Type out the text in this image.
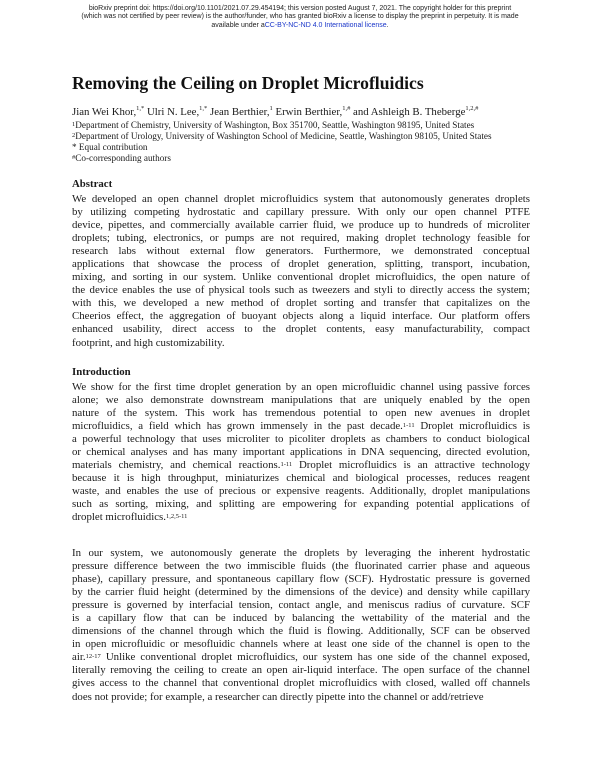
bioRxiv preprint doi: https://doi.org/10.1101/2021.07.29.454194; this version posted August 7, 2021. The copyright holder for this preprint
(which was not certified by peer review) is the author/funder, who has granted bioRxiv a license to display the preprint in perpetuity. It is made
available under aCC-BY-NC-ND 4.0 International license.
Removing the Ceiling on Droplet Microfluidics
Jian Wei Khor,$^{1,*}$ Ulri N. Lee,$^{1,*}$ Jean Berthier,$^1$ Erwin Berthier,$^{1,\#}$ and Ashleigh B. Theberge$^{1,2,\#}$
$^1$Department of Chemistry, University of Washington, Box 351700, Seattle, Washington 98195, United States
$^2$Department of Urology, University of Washington School of Medicine, Seattle, Washington 98105, United States
* Equal contribution
#Co-corresponding authors
Abstract
We developed an open channel droplet microfluidics system that autonomously generates droplets
by utilizing competing hydrostatic and capillary pressure. With only our open channel PTFE
device, pipettes, and commercially available carrier fluid, we produce up to hundreds of microliter
droplets; tubing, electronics, or pumps are not required, making droplet technology feasible for
research labs without external flow generators. Furthermore, we demonstrated conceptual
applications that showcase the process of droplet generation, splitting, transport, incubation,
mixing, and sorting in our system. Unlike conventional droplet microfluidics, the open nature of
the device enables the use of physical tools such as tweezers and styli to directly access the system;
with this, we developed a new method of droplet sorting and transfer that capitalizes on the
Cheerios effect, the aggregation of buoyant objects along a liquid interface. Our platform offers
enhanced usability, direct access to the droplet contents, easy manufacturability, compact
footprint, and high customizability.
Introduction
We show for the first time droplet generation by an open microfluidic channel using passive forces
alone; we also demonstrate downstream manipulations that are uniquely enabled by the open
nature of the system. This work has tremendous potential to open new avenues in droplet
microfluidics, a field which has grown immensely in the past decade.$^{1-11}$ Droplet microfluidics is
a powerful technology that uses microliter to picoliter droplets as chambers to conduct biological
or chemical analyses and has many important applications in DNA sequencing, directed evolution,
materials chemistry, and chemical reactions.$^{1-11}$ Droplet microfluidics is an attractive technology
because it is high throughput, miniaturizes chemical and biological processes, reduces reagent
waste, and enables the use of precious or expensive reagents. Additionally, droplet manipulations
such as sorting, mixing, and splitting are empowering for expanding potential applications of
droplet microfluidics.$^{1,2,5-11}$
In our system, we autonomously generate the droplets by leveraging the inherent hydrostatic
pressure difference between the two immiscible fluids (the fluorinated carrier phase and aqueous
phase), capillary pressure, and spontaneous capillary flow (SCF). Hydrostatic pressure is governed
by the carrier fluid height (determined by the dimensions of the device) and density while capillary
pressure is governed by interfacial tension, contact angle, and meniscus radius of curvature. SCF
is a capillary flow that can be induced by balancing the wettability of the material and the
dimensions of the channel through which the fluid is flowing. Additionally, SCF can be observed
in open microfluidic or mesofluidic channels where at least one side of the channel is open to the
air.$^{12-17}$ Unlike conventional droplet microfluidics, our system has one side of the channel exposed,
literally removing the ceiling to create an open air-liquid interface. The open surface of the channel
gives access to the channel that conventional droplet microfluidics with closed, walled off channels
does not provide; for example, a researcher can directly pipette into the channel or add/retrieve
